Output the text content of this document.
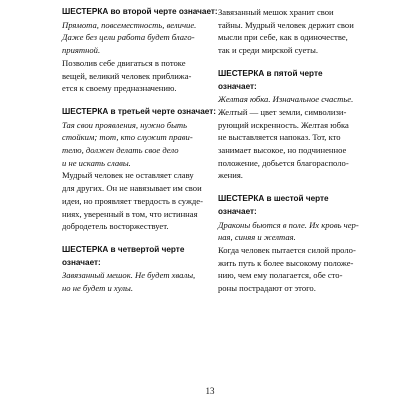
ШЕСТЕРКА во второй черте означает:

Прямота, повсеместность, величие.

Даже без цели работа будет благо-

приятной.

Позволив себе двигаться в потоке

вещей, великий человек приближа-

ется к своему предназначению.

ШЕСТЕРКА в третьей черте означает:

Тая свои проявления, нужно быть

стойким; тот, кто служит прави-

телю, должен делать свое дело

и не искать славы.

Мудрый человек не оставляет славу

для других. Он не навязывает им свои

идеи, но проявляет твердость в сужде-

ниях, уверенный в том, что истинная

добродетель восторжествует.

ШЕСТЕРКА в четвертой черте

означает:

Завязанный мешок. Не будет хвалы,

но не будет и хулы.

Завязанный мешок хранит свои

тайны. Мудрый человек держит свои

мысли при себе, как в одиночестве,

так и среди мирской суеты.

ШЕСТЕРКА в пятой черте

означает:

Желтая юбка. Изначальное счастье.

Желтый — цвет земли, символизи-

рующий искренность. Желтая юбка

не выставляется напоказ. Тот, кто

занимает высокое, но подчиненное

положение, добьется благорасполо-

жения.

ШЕСТЕРКА в шестой черте

означает:

Драконы бьются в поле. Их кровь чер-

ная, синяя и желтая.

Когда человек пытается силой проло-

жить путь к более высокому положе-

нию, чем ему полагается, обе сто-

роны пострадают от этого.

13
